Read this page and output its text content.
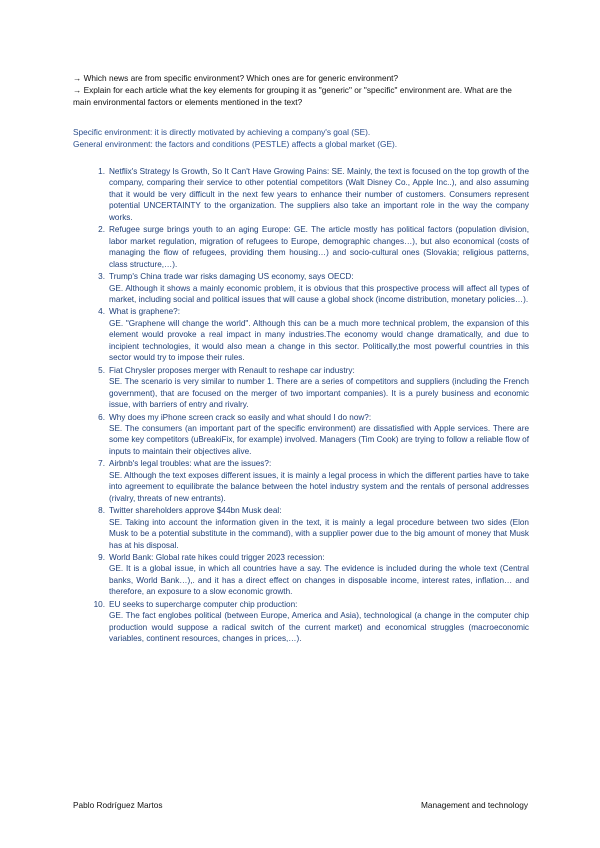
→ Which news are from specific environment? Which ones are for generic environment?

→ Explain for each article what the key elements for grouping it as "generic" or "specific" environment are. What are the main environmental factors or elements mentioned in the text?

Specific environment: it is directly motivated by achieving a company's goal (SE).

General environment: the factors and conditions (PESTLE) affects a global market (GE).

1. Netflix's Strategy Is Growth, So It Can't Have Growing Pains: SE. Mainly, the text is focused on the top growth of the company, comparing their service to other potential competitors (Walt Disney Co., Apple Inc..), and also assuming that it would be very difficult in the next few years to enhance their number of customers. Consumers represent potential UNCERTAINTY to the organization. The suppliers also take an important role in the way the company works.
2. Refugee surge brings youth to an aging Europe: GE. The article mostly has political factors (population division, labor market regulation, migration of refugees to Europe, demographic changes…), but also economical (costs of managing the flow of refugees, providing them housing…) and socio-cultural ones (Slovakia; religious patterns, class structure,…).
3. Trump's China trade war risks damaging US economy, says OECD:
GE. Although it shows a mainly economic problem, it is obvious that this prospective process will affect all types of market, including social and political issues that will cause a global shock (income distribution, monetary policies…).
4. What is graphene?:
GE. "Graphene will change the world". Although this can be a much more technical problem, the expansion of this element would provoke a real impact in many industries.The economy would change dramatically, and due to incipient technologies, it would also mean a change in this sector. Politically,the most powerful countries in this sector would try to impose their rules.
5. Fiat Chrysler proposes merger with Renault to reshape car industry:
SE. The scenario is very similar to number 1. There are a series of competitors and suppliers (including the French government), that are focused on the merger of two important companies). It is a purely business and economic issue, with barriers of entry and rivalry.
6. Why does my iPhone screen crack so easily and what should I do now?:
SE. The consumers (an important part of the specific environment) are dissatisfied with Apple services. There are some key competitors (uBreakiFix, for example) involved. Managers (Tim Cook) are trying to follow a reliable flow of inputs to maintain their objectives alive.
7. Airbnb's legal troubles: what are the issues?:
SE. Although the text exposes different issues, it is mainly a legal process in which the different parties have to take into agreement to equilibrate the balance between the hotel industry system and the rentals of personal addresses (rivalry, threats of new entrants).
8. Twitter shareholders approve $44bn Musk deal:
SE. Taking into account the information given in the text, it is mainly a legal procedure between two sides (Elon Musk to be a potential substitute in the command), with a supplier power due to the big amount of money that Musk has at his disposal.
9. World Bank: Global rate hikes could trigger 2023 recession:
GE. It is a global issue, in which all countries have a say. The evidence is included during the whole text (Central banks, World Bank…),. and it has a direct effect on changes in disposable income, interest rates, inflation… and therefore, an exposure to a slow economic growth.
10. EU seeks to supercharge computer chip production:
GE. The fact englobes political (between Europe, America and Asia), technological (a change in the computer chip production would suppose a radical switch of the current market) and economical struggles (macroeconomic variables, continent resources, changes in prices,…).
Pablo Rodríguez Martos	Management and technology
